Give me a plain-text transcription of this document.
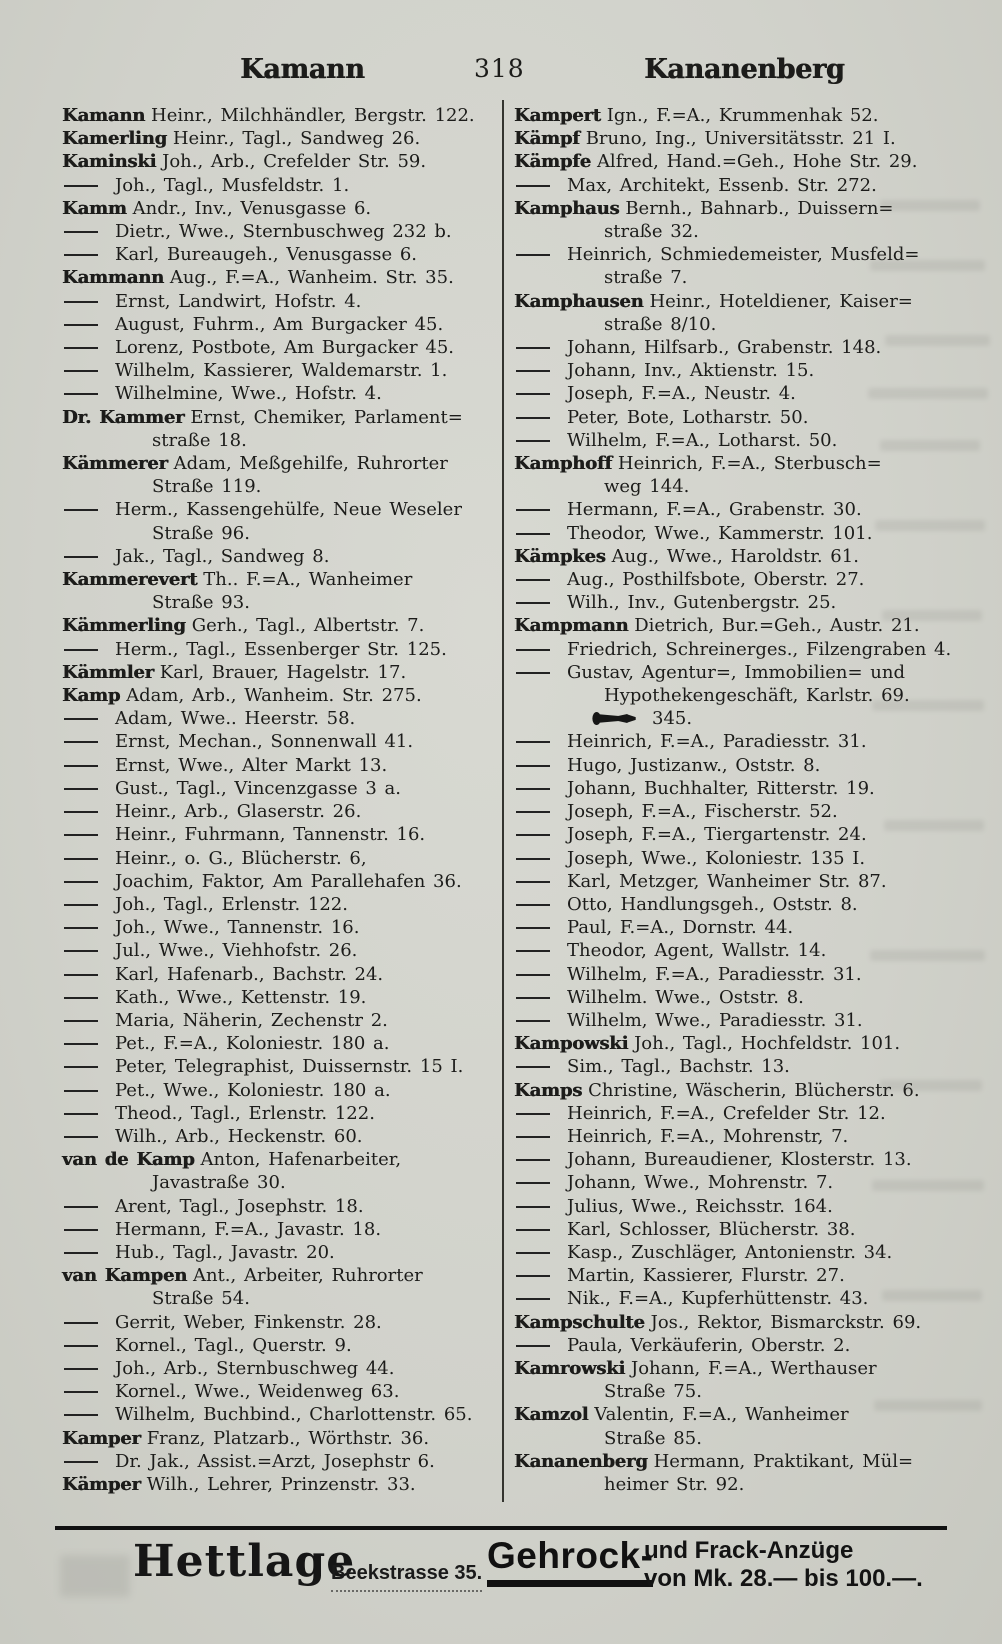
Kamann	318	Kananenberg
Kamann Heinr., Milchhändler, Bergstr. 122.
Kamerling Heinr., Tagl., Sandweg 26.
Kaminski Joh., Arb., Crefelder Str. 59.
Joh., Tagl., Musfeldstr. 1.
Kamm Andr., Inv., Venusgasse 6.
Dietr., Wwe., Sternbuschweg 232 b.
Karl, Bureaugeh., Venusgasse 6.
Kammann Aug., F.=A., Wanheim. Str. 35.
Ernst, Landwirt, Hofstr. 4.
August, Fuhrm., Am Burgacker 45.
Lorenz, Postbote, Am Burgacker 45.
Wilhelm, Kassierer, Waldemarstr. 1.
Wilhelmine, Wwe., Hofstr. 4.
Dr. Kammer Ernst, Chemiker, Parlament=
straße 18.
Kämmerer Adam, Meßgehilfe, Ruhrorter
Straße 119.
Herm., Kassengehülfe, Neue Weseler
Straße 96.
Jak., Tagl., Sandweg 8.
Kammerevert Th.. F.=A., Wanheimer
Straße 93.
Kämmerling Gerh., Tagl., Albertstr. 7.
Herm., Tagl., Essenberger Str. 125.
Kämmler Karl, Brauer, Hagelstr. 17.
Kamp Adam, Arb., Wanheim. Str. 275.
Adam, Wwe.. Heerstr. 58.
Ernst, Mechan., Sonnenwall 41.
Ernst, Wwe., Alter Markt 13.
Gust., Tagl., Vincenzgasse 3 a.
Heinr., Arb., Glaserstr. 26.
Heinr., Fuhrmann, Tannenstr. 16.
Heinr., o. G., Blücherstr. 6,
Joachim, Faktor, Am Parallehafen 36.
Joh., Tagl., Erlenstr. 122.
Joh., Wwe., Tannenstr. 16.
Jul., Wwe., Viehhofstr. 26.
Karl, Hafenarb., Bachstr. 24.
Kath., Wwe., Kettenstr. 19.
Maria, Näherin, Zechenstr 2.
Pet., F.=A., Koloniestr. 180 a.
Peter, Telegraphist, Duissernstr. 15 I.
Pet., Wwe., Koloniestr. 180 a.
Theod., Tagl., Erlenstr. 122.
Wilh., Arb., Heckenstr. 60.
van de Kamp Anton, Hafenarbeiter,
Javastraße 30.
Arent, Tagl., Josephstr. 18.
Hermann, F.=A., Javastr. 18.
Hub., Tagl., Javastr. 20.
van Kampen Ant., Arbeiter, Ruhrorter
Straße 54.
Gerrit, Weber, Finkenstr. 28.
Kornel., Tagl., Querstr. 9.
Joh., Arb., Sternbuschweg 44.
Kornel., Wwe., Weidenweg 63.
Wilhelm, Buchbind., Charlottenstr. 65.
Kamper Franz, Platzarb., Wörthstr. 36.
Dr. Jak., Assist.=Arzt, Josephstr 6.
Kämper Wilh., Lehrer, Prinzenstr. 33.
Kampert Ign., F.=A., Krummenhak 52.
Kämpf Bruno, Ing., Universitätsstr. 21 I.
Kämpfe Alfred, Hand.=Geh., Hohe Str. 29.
Max, Architekt, Essenb. Str. 272.
Kamphaus Bernh., Bahnarb., Duissern=
straße 32.
Heinrich, Schmiedemeister, Musfeld=
straße 7.
Kamphausen Heinr., Hoteldiener, Kaiser=
straße 8/10.
Johann, Hilfsarb., Grabenstr. 148.
Johann, Inv., Aktienstr. 15.
Joseph, F.=A., Neustr. 4.
Peter, Bote, Lotharstr. 50.
Wilhelm, F.=A., Lotharst. 50.
Kamphoff Heinrich, F.=A., Sterbusch=
weg 144.
Hermann, F.=A., Grabenstr. 30.
Theodor, Wwe., Kammerstr. 101.
Kämpkes Aug., Wwe., Haroldstr. 61.
Aug., Posthilfsbote, Oberstr. 27.
Wilh., Inv., Gutenbergstr. 25.
Kampmann Dietrich, Bur.=Geh., Austr. 21.
Friedrich, Schreinerges., Filzengraben 4.
Gustav, Agentur=, Immobilien= und
Hypothekengeschäft, Karlstr. 69.
345.
Heinrich, F.=A., Paradiesstr. 31.
Hugo, Justizanw., Oststr. 8.
Johann, Buchhalter, Ritterstr. 19.
Joseph, F.=A., Fischerstr. 52.
Joseph, F.=A., Tiergartenstr. 24.
Joseph, Wwe., Koloniestr. 135 I.
Karl, Metzger, Wanheimer Str. 87.
Otto, Handlungsgeh., Oststr. 8.
Paul, F.=A., Dornstr. 44.
Theodor, Agent, Wallstr. 14.
Wilhelm, F.=A., Paradiesstr. 31.
Wilhelm. Wwe., Oststr. 8.
Wilhelm, Wwe., Paradiesstr. 31.
Kampowski Joh., Tagl., Hochfeldstr. 101.
Sim., Tagl., Bachstr. 13.
Kamps Christine, Wäscherin, Blücherstr. 6.
Heinrich, F.=A., Crefelder Str. 12.
Heinrich, F.=A., Mohrenstr, 7.
Johann, Bureaudiener, Klosterstr. 13.
Johann, Wwe., Mohrenstr. 7.
Julius, Wwe., Reichsstr. 164.
Karl, Schlosser, Blücherstr. 38.
Kasp., Zuschläger, Antonienstr. 34.
Martin, Kassierer, Flurstr. 27.
Nik., F.=A., Kupferhüttenstr. 43.
Kampschulte Jos., Rektor, Bismarckstr. 69.
Paula, Verkäuferin, Oberstr. 2.
Kamrowski Johann, F.=A., Werthauser
Straße 75.
Kamzol Valentin, F.=A., Wanheimer
Straße 85.
Kananenberg Hermann, Praktikant, Mül=
heimer Str. 92.
Hettlage
Beekstrasse 35. Gehrock-
und Frack-Anzüge
von Mk. 28.— bis 100.—.
